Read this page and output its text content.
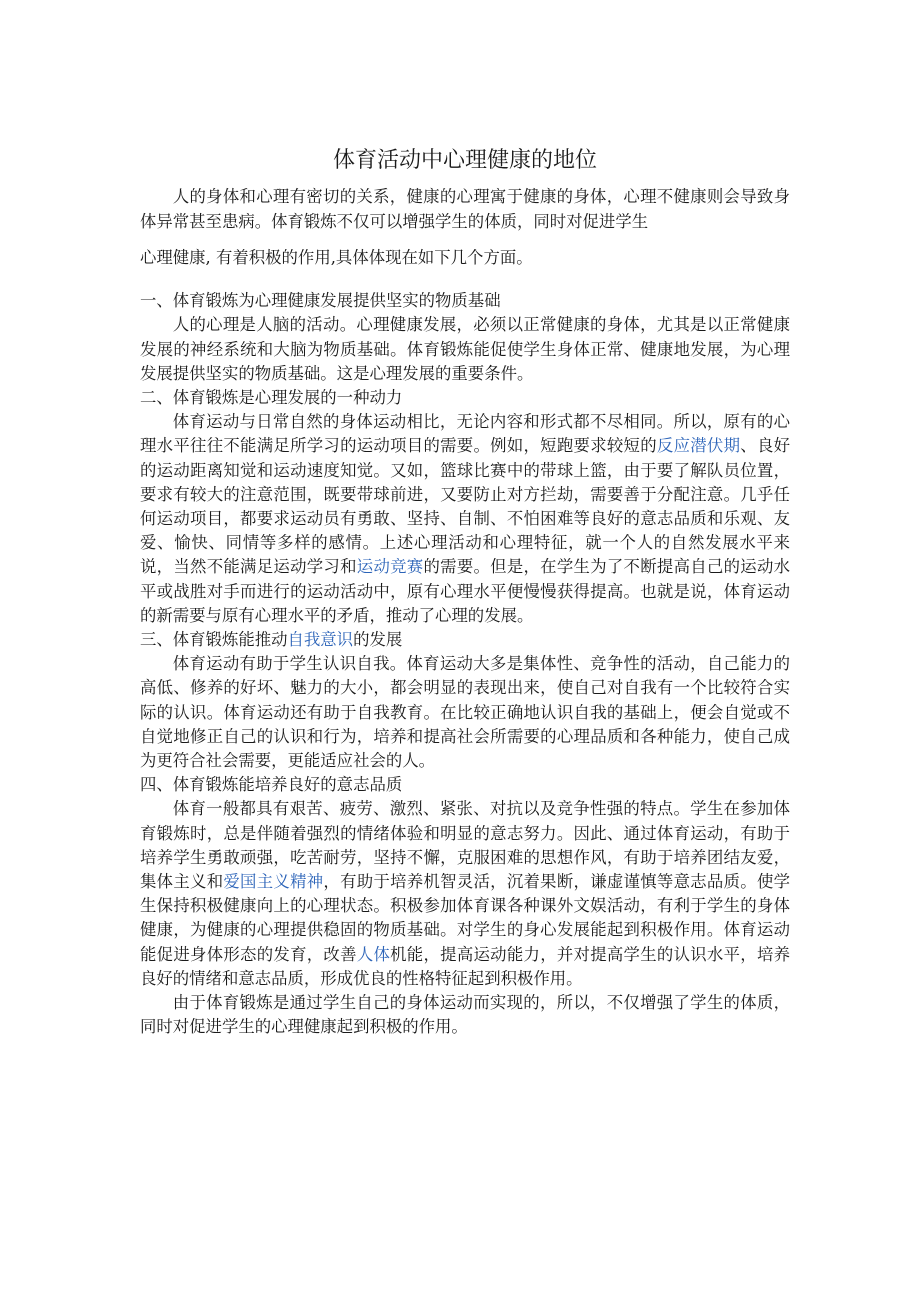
体育活动中心理健康的地位

人的身体和心理有密切的关系，健康的心理寓于健康的身体，心理不健康则会导致身体异常甚至患病。体育锻炼不仅可以增强学生的体质，同时对促进学生

心理健康, 有着积极的作用,具体体现在如下几个方面。

一、体育锻炼为心理健康发展提供坚实的物质基础

人的心理是人脑的活动。心理健康发展，必须以正常健康的身体，尤其是以正常健康发展的神经系统和大脑为物质基础。体育锻炼能促使学生身体正常、健康地发展，为心理发展提供坚实的物质基础。这是心理发展的重要条件。

二、体育锻炼是心理发展的一种动力

体育运动与日常自然的身体运动相比，无论内容和形式都不尽相同。所以，原有的心理水平往往不能满足所学习的运动项目的需要。例如，短跑要求较短的反应潜伏期、良好的运动距离知觉和运动速度知觉。又如，篮球比赛中的带球上篮，由于要了解队员位置，要求有较大的注意范围，既要带球前进，又要防止对方拦劫，需要善于分配注意。几乎任何运动项目，都要求运动员有勇敢、坚持、自制、不怕困难等良好的意志品质和乐观、友爱、愉快、同情等多样的感情。上述心理活动和心理特征，就一个人的自然发展水平来说，当然不能满足运动学习和运动竞赛的需要。但是，在学生为了不断提高自己的运动水平或战胜对手而进行的运动活动中，原有心理水平便慢慢获得提高。也就是说，体育运动的新需要与原有心理水平的矛盾，推动了心理的发展。

三、体育锻炼能推动自我意识的发展

体育运动有助于学生认识自我。体育运动大多是集体性、竞争性的活动，自己能力的高低、修养的好坏、魅力的大小，都会明显的表现出来，使自己对自我有一个比较符合实际的认识。体育运动还有助于自我教育。在比较正确地认识自我的基础上，便会自觉或不自觉地修正自己的认识和行为，培养和提高社会所需要的心理品质和各种能力，使自己成为更符合社会需要，更能适应社会的人。

四、体育锻炼能培养良好的意志品质

体育一般都具有艰苦、疲劳、激烈、紧张、对抗以及竞争性强的特点。学生在参加体育锻炼时，总是伴随着强烈的情绪体验和明显的意志努力。因此、通过体育运动，有助于培养学生勇敢顽强，吃苦耐劳，坚持不懈，克服困难的思想作风，有助于培养团结友爱，集体主义和爱国主义精神，有助于培养机智灵活，沉着果断，谦虚谨慎等意志品质。使学生保持积极健康向上的心理状态。积极参加体育课各种课外文娱活动，有利于学生的身体健康，为健康的心理提供稳固的物质基础。对学生的身心发展能起到积极作用。体育运动能促进身体形态的发育，改善人体机能，提高运动能力，并对提高学生的认识水平，培养良好的情绪和意志品质，形成优良的性格特征起到积极作用。

由于体育锻炼是通过学生自己的身体运动而实现的，所以，不仅增强了学生的体质，同时对促进学生的心理健康起到积极的作用。
